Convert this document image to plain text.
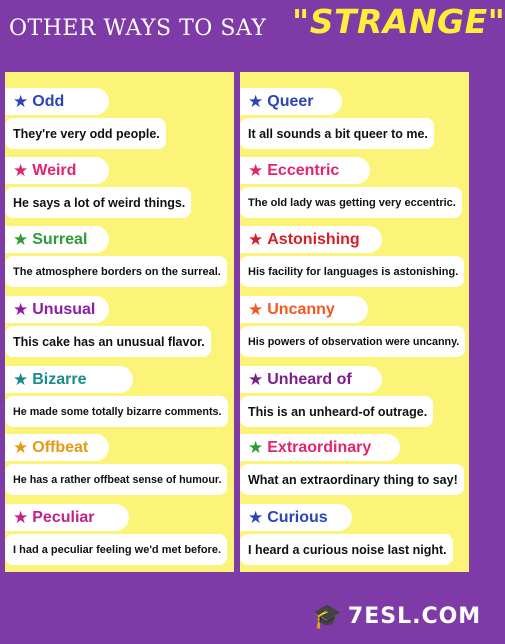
OTHER WAYS TO SAY "STRANGE"
★ Odd
They're very odd people.
★ Weird
He says a lot of weird things.
★ Surreal
The atmosphere borders on the surreal.
★ Unusual
This cake has an unusual flavor.
★ Bizarre
He made some totally bizarre comments.
★ Offbeat
He has a rather offbeat sense of humour.
★ Peculiar
I had a peculiar feeling we'd met before.
★ Queer
It all sounds a bit queer to me.
★ Eccentric
The old lady was getting very eccentric.
★ Astonishing
His facility for languages is astonishing.
★ Uncanny
His powers of observation were uncanny.
★ Unheard of
This is an unheard-of outrage.
★ Extraordinary
What an extraordinary thing to say!
★ Curious
I heard a curious noise last night.
🎓 7ESL.COM
